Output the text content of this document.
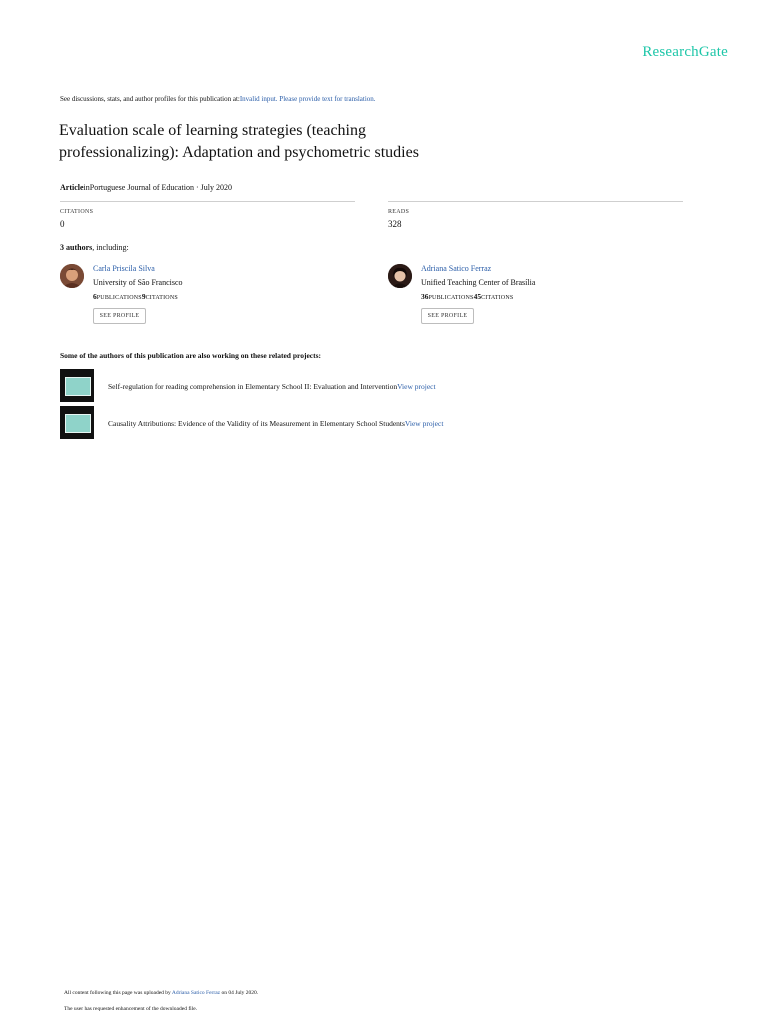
ResearchGate
See discussions, stats, and author profiles for this publication at:Invalid input. Please provide text for translation.
Evaluation scale of learning strategies (teaching professionalizing): Adaptation and psychometric studies
ArticleinPortuguese Journal of Education · July 2020
CITATIONS
0
READS
328
3 authors, including:
Carla Priscila Silva
University of São Francisco
6PUBLICATIONS9CITATIONS
SEE PROFILE
Adriana Satico Ferraz
Unified Teaching Center of Brasília
36PUBLICATIONS45CITATIONS
SEE PROFILE
Some of the authors of this publication are also working on these related projects:
Self-regulation for reading comprehension in Elementary School II: Evaluation and InterventionView project
Causality Attributions: Evidence of the Validity of its Measurement in Elementary School StudentsView project
All content following this page was uploaded by Adriana Satico Ferraz on 04 July 2020.
The user has requested enhancement of the downloaded file.
